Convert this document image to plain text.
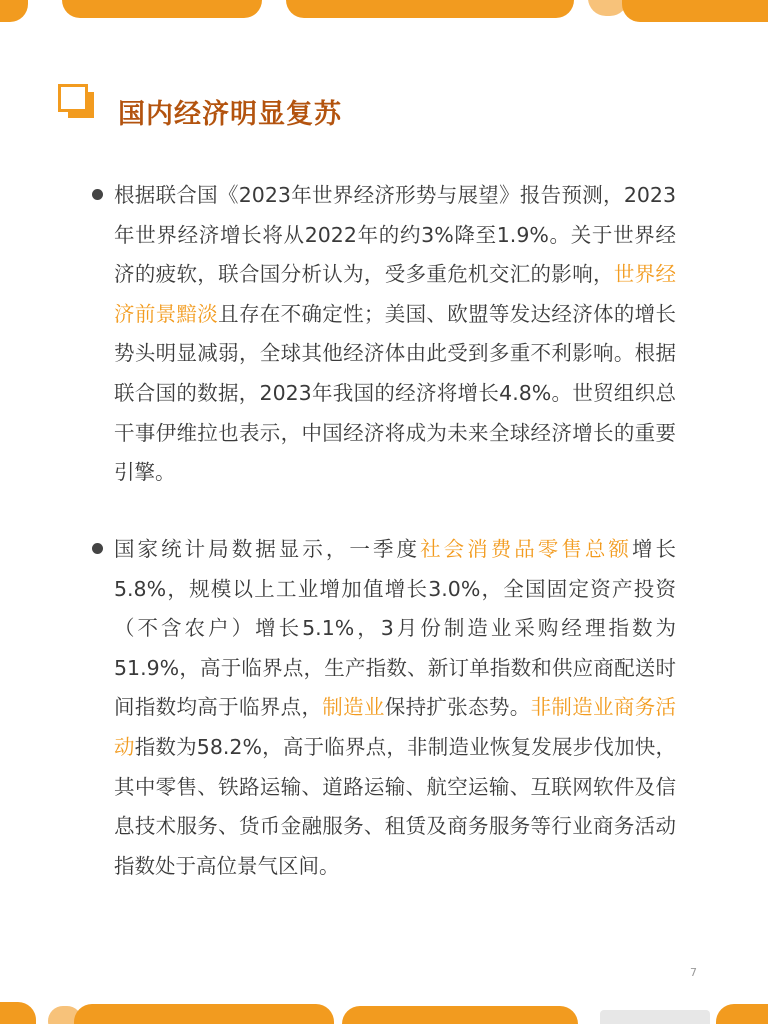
国内经济明显复苏

根据联合国《2023年世界经济形势与展望》报告预测，2023年世界经济增长将从2022年的约3%降至1.9%。关于世界经济的疲软，联合国分析认为，受多重危机交汇的影响，世界经济前景黯淡且存在不确定性；美国、欧盟等发达经济体的增长势头明显减弱，全球其他经济体由此受到多重不利影响。根据联合国的数据，2023年我国的经济将增长4.8%。世贸组织总干事伊维拉也表示，中国经济将成为未来全球经济增长的重要引擎。

国家统计局数据显示，一季度社会消费品零售总额增长5.8%，规模以上工业增加值增长3.0%，全国固定资产投资（不含农户）增长5.1%，3月份制造业采购经理指数为51.9%，高于临界点，生产指数、新订单指数和供应商配送时间指数均高于临界点，制造业保持扩张态势。非制造业商务活动指数为58.2%，高于临界点，非制造业恢复发展步伐加快，其中零售、铁路运输、道路运输、航空运输、互联网软件及信息技术服务、货币金融服务、租赁及商务服务等行业商务活动指数处于高位景气区间。

7
